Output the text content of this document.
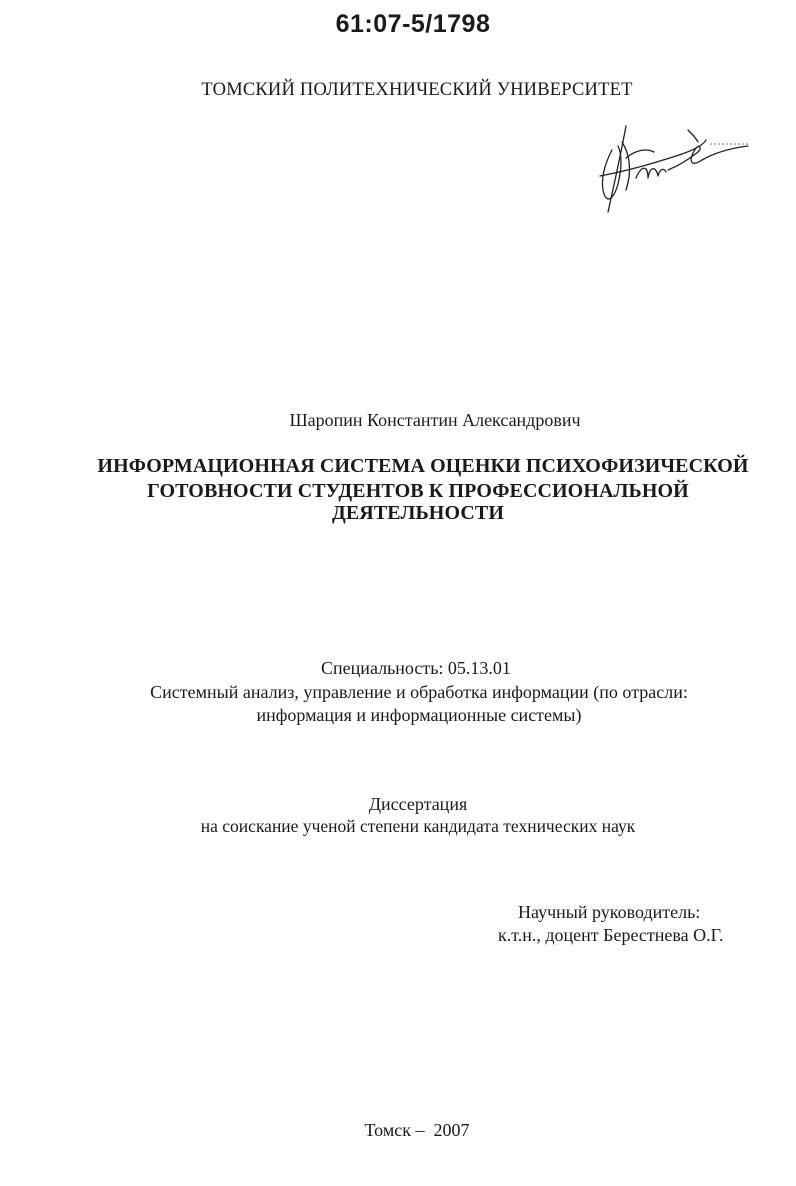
61:07-5/1798
ТОМСКИЙ ПОЛИТЕХНИЧЕСКИЙ УНИВЕРСИТЕТ
Шаропин Константин Александрович
ИНФОРМАЦИОННАЯ СИСТЕМА ОЦЕНКИ ПСИХОФИЗИЧЕСКОЙ
ГОТОВНОСТИ СТУДЕНТОВ К ПРОФЕССИОНАЛЬНОЙ
ДЕЯТЕЛЬНОСТИ
Специальность: 05.13.01
Системный анализ, управление и обработка информации (по отрасли:
информация и информационные системы)
Диссертация
на соискание ученой степени кандидата технических наук
Научный руководитель:
к.т.н., доцент Берестнева О.Г.
Томск –  2007
